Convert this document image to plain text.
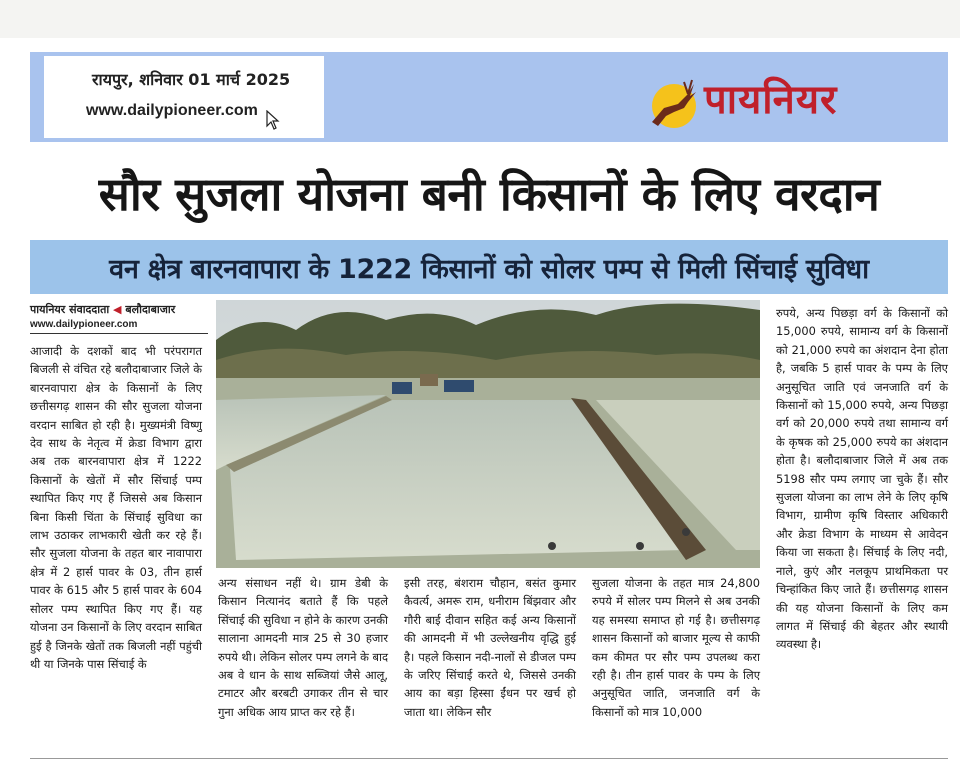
रायपुर, शनिवार 01 मार्च 2025
www.dailypioneer.com	पायनियर
सौर सुजला योजना बनी किसानों के लिए वरदान
वन क्षेत्र बारनवापारा के 1222 किसानों को सोलर पम्प से मिली सिंचाई सुविधा
पायनियर संवाददाता ◀ बलौदाबाजार
www.dailypioneer.com

आजादी के दशकों बाद भी परंपरागत बिजली से वंचित रहे बलौदाबाजार जिले के बारनवापारा क्षेत्र के किसानों के लिए छत्तीसगढ़ शासन की सौर सुजला योजना वरदान साबित हो रही है। मुख्यमंत्री विष्णु देव साथ के नेतृत्व में क्रेडा विभाग द्वारा अब तक बारनवापारा क्षेत्र में 1222 किसानों के खेतों में सौर सिंचाई पम्प स्थापित किए गए हैं जिससे अब किसान बिना किसी चिंता के सिंचाई सुविधा का लाभ उठाकर लाभकारी खेती कर रहे हैं। सौर सुजला योजना के तहत बार नावापारा क्षेत्र में 2 हार्स पावर के 03, तीन हार्स पावर के 615 और 5 हार्स पावर के 604 सोलर पम्प स्थापित किए गए हैं। यह योजना उन किसानों के लिए वरदान साबित हुई है जिनके खेतों तक बिजली नहीं पहुंची थी या जिनके पास सिंचाई के

अन्य संसाधन नहीं थे। ग्राम डेबी के किसान नित्यानंद बताते हैं कि पहले सिंचाई की सुविधा न होने के कारण उनकी सालाना आमदनी मात्र 25 से 30 हजार रुपये थी। लेकिन सोलर पम्प लगने के बाद अब वे धान के साथ सब्जियां जैसे आलू, टमाटर और बरबटी उगाकर तीन से चार गुना अधिक आय प्राप्त कर रहे हैं।

इसी तरह, बंशराम चौहान, बसंत कुमार कैवर्त्य, अमरू राम, धनीराम बिंझवार और गौरी बाई दीवान सहित कई अन्य किसानों की आमदनी में भी उल्लेखनीय वृद्धि हुई है। पहले किसान नदी-नालों से डीजल पम्प के जरिए सिंचाई करते थे, जिससे उनकी आय का बड़ा हिस्सा ईंधन पर खर्च हो जाता था। लेकिन सौर

सुजला योजना के तहत मात्र 24,800 रुपये में सोलर पम्प मिलने से अब उनकी यह समस्या समाप्त हो गई है। छत्तीसगढ़ शासन किसानों को बाजार मूल्य से काफी कम कीमत पर सौर पम्प उपलब्ध करा रही है। तीन हार्स पावर के पम्प के लिए अनुसूचित जाति, जनजाति वर्ग के किसानों को मात्र 10,000

रुपये, अन्य पिछड़ा वर्ग के किसानों को 15,000 रुपये, सामान्य वर्ग के किसानों को 21,000 रुपये का अंशदान देना होता है, जबकि 5 हार्स पावर के पम्प के लिए अनुसूचित जाति एवं जनजाति वर्ग के किसानों को 15,000 रुपये, अन्य पिछड़ा वर्ग को 20,000 रुपये तथा सामान्य वर्ग के कृषक को 25,000 रुपये का अंशदान होता है। बलौदाबाजार जिले में अब तक 5198 सौर पम्प लगाए जा चुके हैं। सौर सुजला योजना का लाभ लेने के लिए कृषि विभाग, ग्रामीण कृषि विस्तार अधिकारी और क्रेडा विभाग के माध्यम से आवेदन किया जा सकता है। सिंचाई के लिए नदी, नाले, कुएं और नलकूप प्राथमिकता पर चिन्हांकित किए जाते हैं। छत्तीसगढ़ शासन की यह योजना किसानों के लिए कम लागत में सिंचाई की बेहतर और स्थायी व्यवस्था है।
